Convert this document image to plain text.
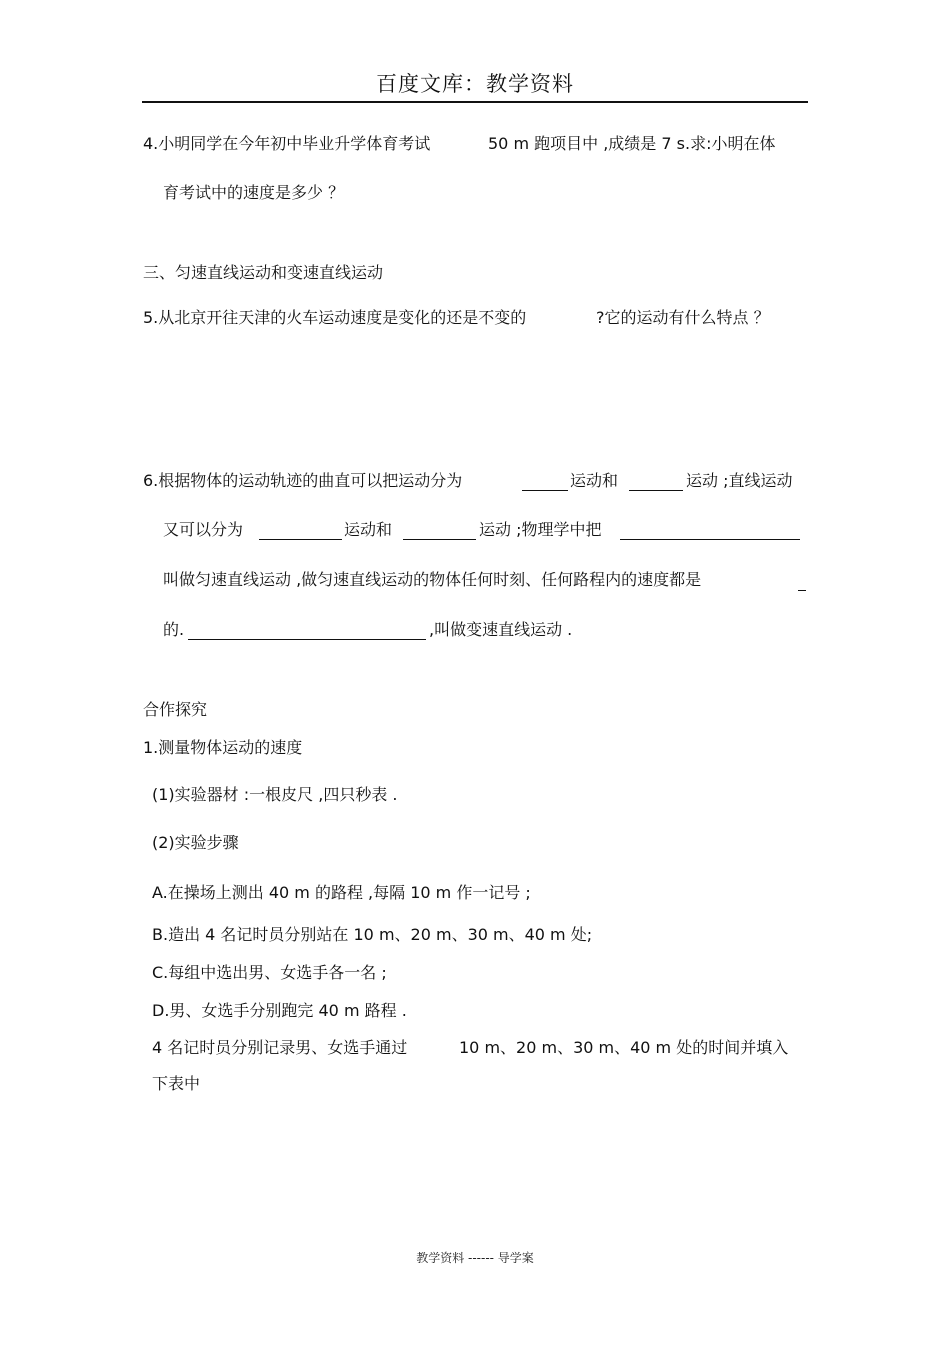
百度文库：教学资料
4.小明同学在今年初中毕业升学体育考试	50 m 跑项目中 ,成绩是 7 s.求:小明在体
育考试中的速度是多少 ？
三、匀速直线运动和变速直线运动
5.从北京开往天津的火车运动速度是变化的还是不变的	?它的运动有什么特点 ？
6.根据物体的运动轨迹的曲直可以把运动分为	运动和	运动 ;直线运动
又可以分为	运动和	运动 ;物理学中把
叫做匀速直线运动 ,做匀速直线运动的物体任何时刻、任何路程内的速度都是
的.	,叫做变速直线运动 .
合作探究
1.测量物体运动的速度
(1)实验器材 :一根皮尺 ,四只秒表 .
(2)实验步骤
A.在操场上测出 40 m 的路程 ,每隔 10 m 作一记号 ;
B.造出 4 名记时员分别站在 10 m、20 m、30 m、40 m 处;
C.每组中选出男、女选手各一名 ;
D.男、女选手分别跑完 40 m 路程 .
4 名记时员分别记录男、女选手通过	10 m、20 m、30 m、40 m 处的时间并填入
下表中
教学资料 ------ 导学案
